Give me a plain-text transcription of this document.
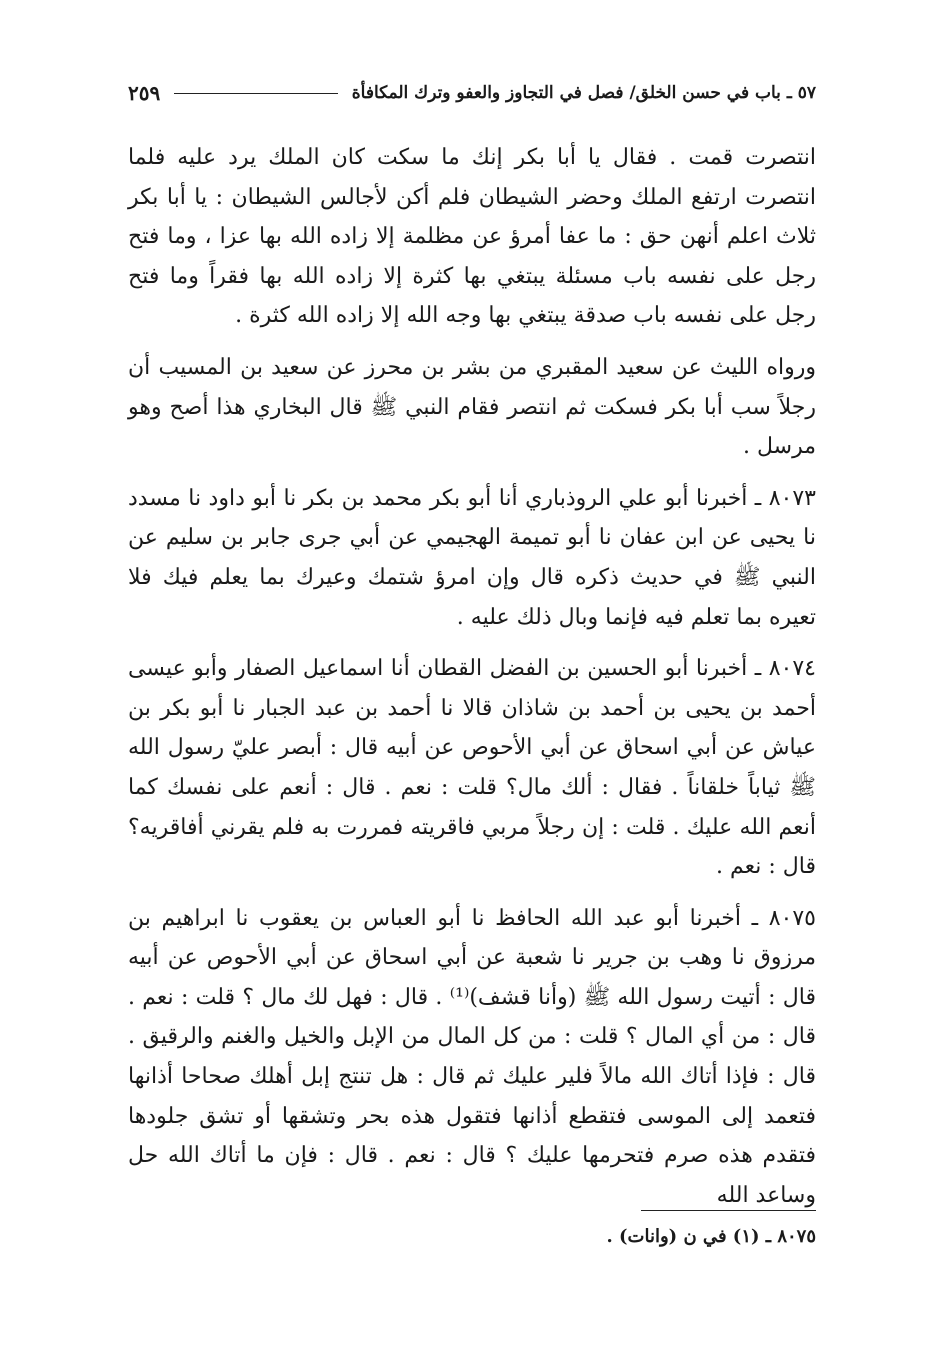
٥٧ ـ باب في حسن الخلق/ فصل في التجاوز والعفو وترك المكافأة
٢٥٩

انتصرت قمت . فقال يا أبا بكر إنك ما سكت كان الملك يرد عليه فلما انتصرت ارتفع الملك وحضر الشيطان فلم أكن لأجالس الشيطان : يا أبا بكر ثلاث اعلم أنهن حق : ما عفا أمرؤ عن مظلمة إلا زاده الله بها عزا ، وما فتح رجل على نفسه باب مسئلة يبتغي بها كثرة إلا زاده الله بها فقراً وما فتح رجل على نفسه باب صدقة يبتغي بها وجه الله إلا زاده الله كثرة .

ورواه الليث عن سعيد المقبري من بشر بن محرز عن سعيد بن المسيب أن رجلاً سب أبا بكر فسكت ثم انتصر فقام النبي ﷺ قال البخاري هذا أصح وهو مرسل .

٨٠٧٣ ـ أخبرنا أبو علي الروذباري أنا أبو بكر محمد بن بكر نا أبو داود نا مسدد نا يحيى عن ابن عفان نا أبو تميمة الهجيمي عن أبي جرى جابر بن سليم عن النبي ﷺ في حديث ذكره قال وإن امرؤ شتمك وعيرك بما يعلم فيك فلا تعيره بما تعلم فيه فإنما وبال ذلك عليه .

٨٠٧٤ ـ أخبرنا أبو الحسين بن الفضل القطان أنا اسماعيل الصفار وأبو عيسى أحمد بن يحيى بن أحمد بن شاذان قالا نا أحمد بن عبد الجبار نا أبو بكر بن عياش عن أبي اسحاق عن أبي الأحوص عن أبيه قال : أبصر عليّ رسول الله ﷺ ثياباً خلقاناً . فقال : ألك مال؟ قلت : نعم . قال : أنعم على نفسك كما أنعم الله عليك . قلت : إن رجلاً مربي فاقريته فمررت به فلم يقرني أفاقريه؟ قال : نعم .

٨٠٧٥ ـ أخبرنا أبو عبد الله الحافظ نا أبو العباس بن يعقوب نا ابراهيم بن مرزوق نا وهب بن جرير نا شعبة عن أبي اسحاق عن أبي الأحوص عن أبيه قال : أتيت رسول الله ﷺ (وأنا قشف)⁽¹⁾ . قال : فهل لك مال ؟ قلت : نعم . قال : من أي المال ؟ قلت : من كل المال من الإبل والخيل والغنم والرقيق . قال : فإذا أتاك الله مالاً فلير عليك ثم قال : هل تنتج إبل أهلك صحاحا أذانها فتعمد إلى الموسى فتقطع أذانها فتقول هذه بحر وتشقها أو تشق جلودها فتقدم هذه صرم فتحرمها عليك ؟ قال : نعم . قال : فإن ما أتاك الله حل وساعد الله

٨٠٧٥ ـ (١) في ن (وانات) .
